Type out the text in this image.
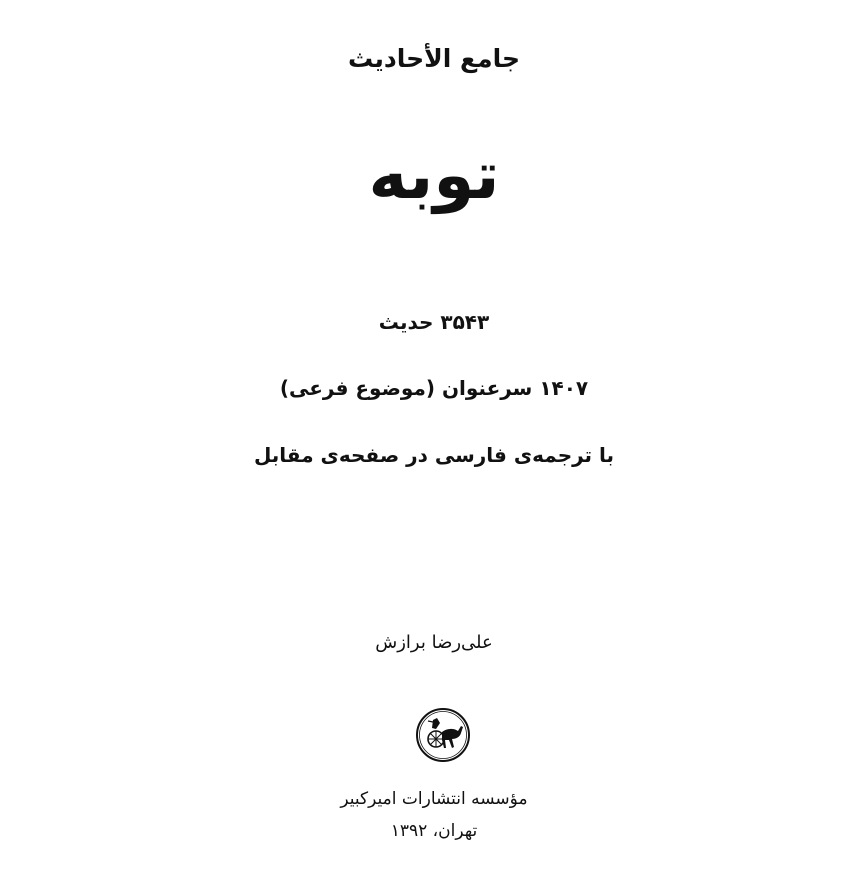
جامع الأحاديث
توبه
۳۵۴۳ حدیث
۱۴۰۷ سرعنوان (موضوع فرعی)
با ترجمه‌ی فارسی در صفحه‌ی مقابل
علی‌رضا برازش
مؤسسه انتشارات امیرکبیر
تهران، ۱۳۹۲
